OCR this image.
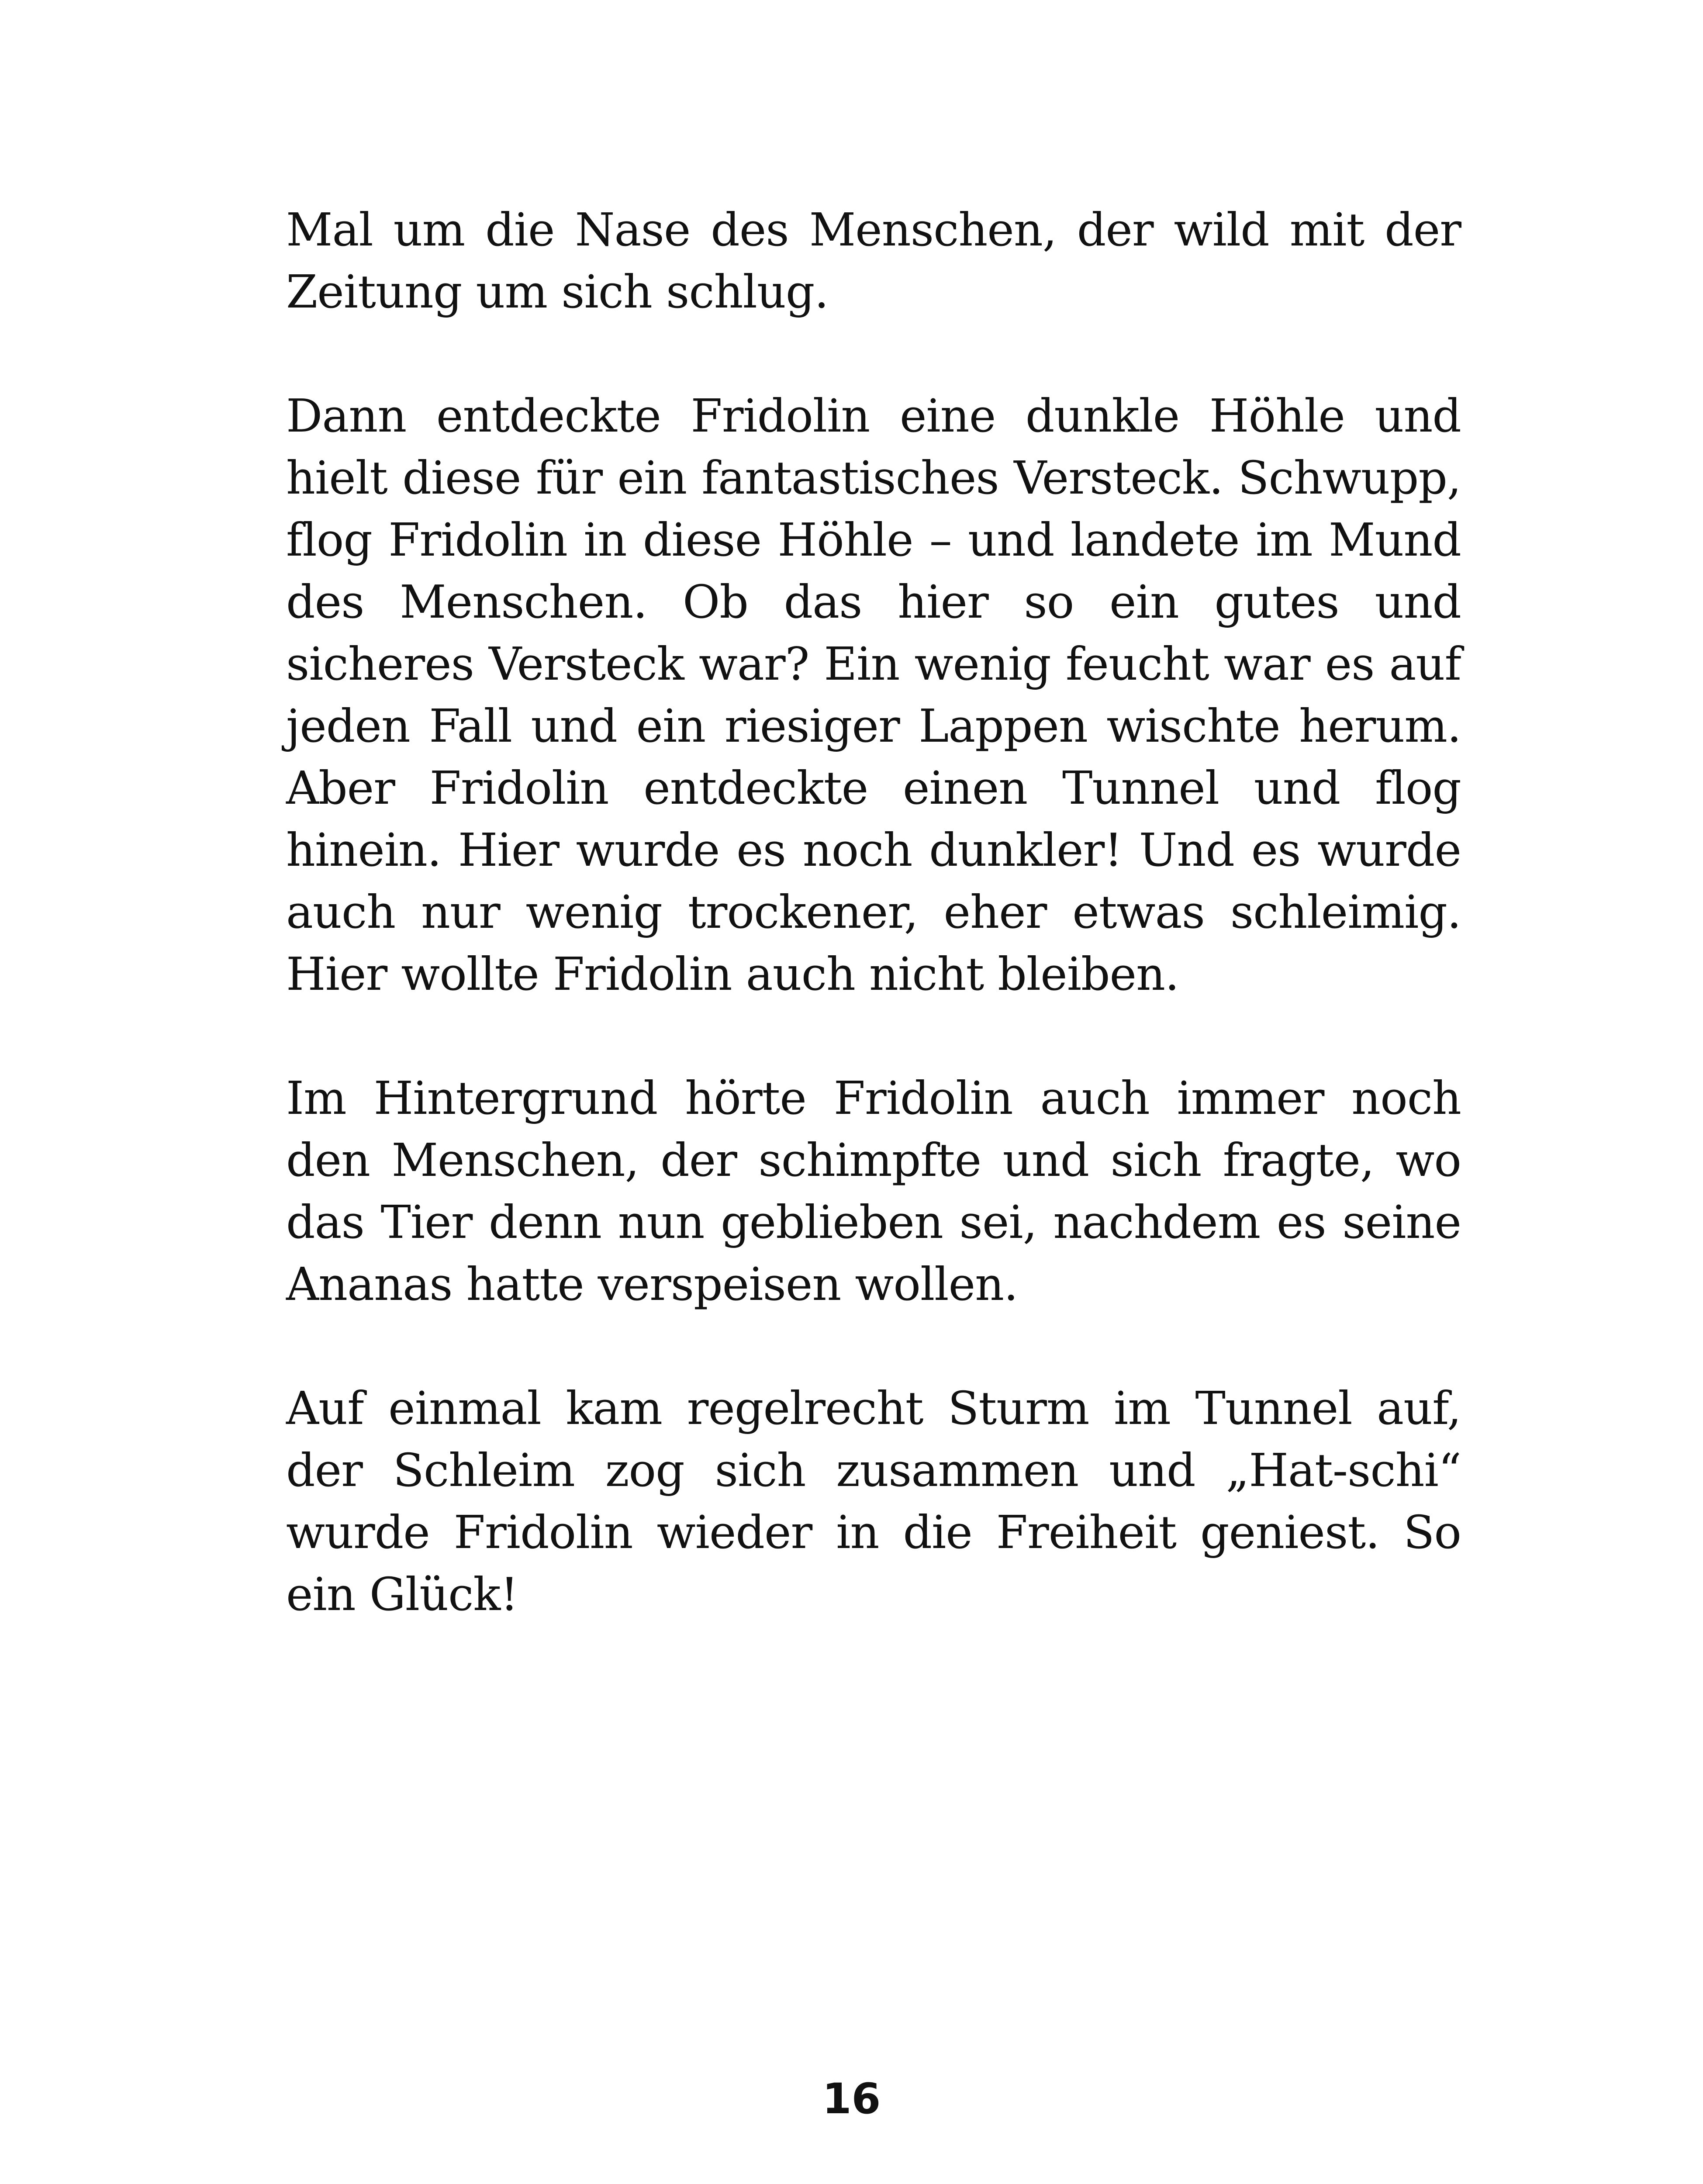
Mal um die Nase des Menschen, der wild mit der Zeitung um sich schlug.

Dann entdeckte Fridolin eine dunkle Höhle und hielt diese für ein fantastisches Versteck. Schwupp, flog Fridolin in diese Höhle – und landete im Mund des Menschen. Ob das hier so ein gutes und sicheres Versteck war? Ein wenig feucht war es auf jeden Fall und ein riesiger Lappen wischte herum. Aber Fridolin entdeckte einen Tunnel und flog hinein. Hier wurde es noch dunkler! Und es wurde auch nur wenig trockener, eher etwas schleimig. Hier wollte Fridolin auch nicht bleiben.

Im Hintergrund hörte Fridolin auch immer noch den Menschen, der schimpfte und sich fragte, wo das Tier denn nun geblieben sei, nachdem es seine Ananas hatte verspeisen wollen.

Auf einmal kam regelrecht Sturm im Tunnel auf, der Schleim zog sich zusammen und „Hat-schi“ wurde Fridolin wieder in die Freiheit geniest. So ein Glück!

16
